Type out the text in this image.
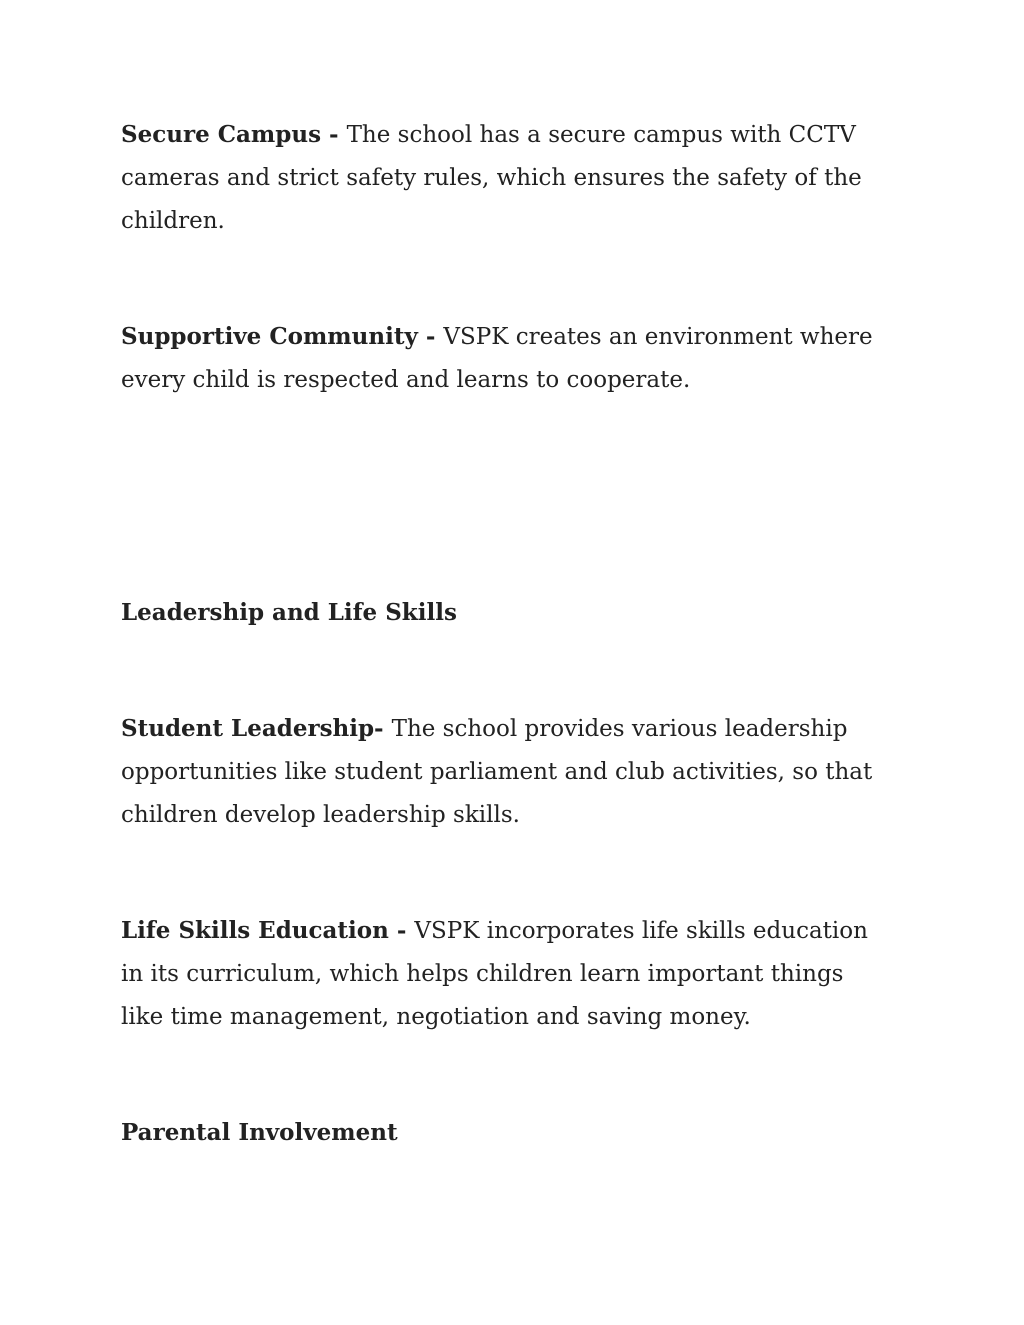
Secure Campus - The school has a secure campus with CCTV cameras and strict safety rules, which ensures the safety of the children.

Supportive Community - VSPK creates an environment where every child is respected and learns to cooperate.

Leadership and Life Skills

Student Leadership- The school provides various leadership opportunities like student parliament and club activities, so that children develop leadership skills.

Life Skills Education - VSPK incorporates life skills education in its curriculum, which helps children learn important things like time management, negotiation and saving money.

Parental Involvement
